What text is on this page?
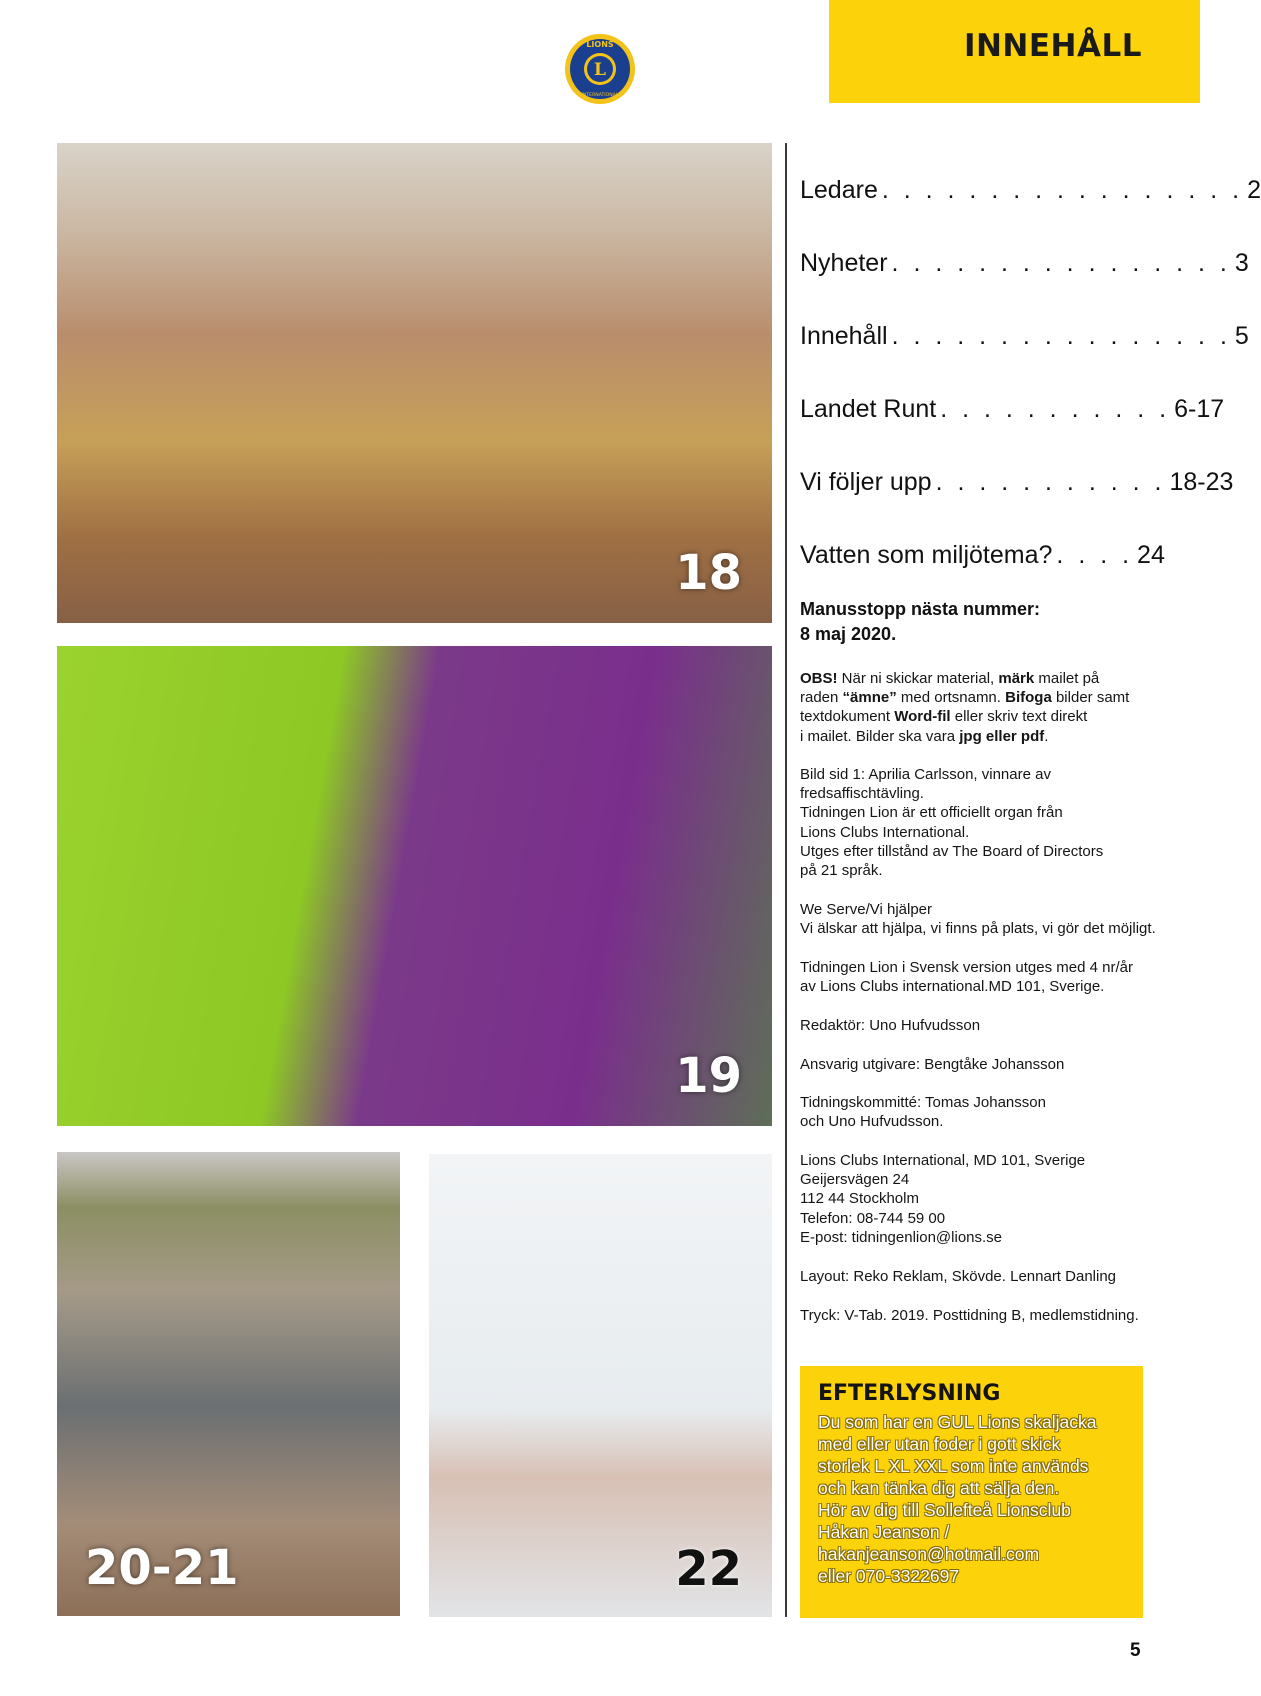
INNEHÅLL
L
LIONS
INTERNATIONAL
18
19
20-21	22
Ledare . . . . . . . . . . . . . . . . . 2
Nyheter . . . . . . . . . . . . . . . . 3
Innehåll . . . . . . . . . . . . . . . . 5
Landet Runt . . . . . . . . . . . 6-17
Vi följer upp . . . . . . . . . . . 18-23
Vatten som miljötema? . . . . 24
Manusstopp nästa nummer:
8 maj 2020.

OBS! När ni skickar material, märk mailet på

raden “ämne” med ortsnamn. Bifoga bilder samt

textdokument Word-fil eller skriv text direkt

i mailet. Bilder ska vara jpg eller pdf.

Bild sid 1: Aprilia Carlsson, vinnare av

fredsaffischtävling.

Tidningen Lion är ett officiellt organ från

Lions Clubs International.

Utges efter tillstånd av The Board of Directors

på 21 språk.

We Serve/Vi hjälper

Vi älskar att hjälpa, vi finns på plats, vi gör det möjligt.

Tidningen Lion i Svensk version utges med 4 nr/år

av Lions Clubs international.MD 101, Sverige.

Redaktör: Uno Hufvudsson

Ansvarig utgivare: Bengtåke Johansson

Tidningskommitté: Tomas Johansson

och Uno Hufvudsson.

Lions Clubs International, MD 101, Sverige

Geijersvägen 24

112 44 Stockholm

Telefon: 08-744 59 00

E-post: tidningenlion@lions.se

Layout: Reko Reklam, Skövde. Lennart Danling

Tryck: V-Tab. 2019. Posttidning B, medlemstidning.

EFTERLYSNING
Du som har en GUL Lions skaljacka
med eller utan foder i gott skick
storlek L XL XXL som inte används
och kan tänka dig att sälja den.
Hör av dig till Sollefteå Lionsclub
Håkan Jeanson /
hakanjeanson@hotmail.com
eller 070-3322697
5
